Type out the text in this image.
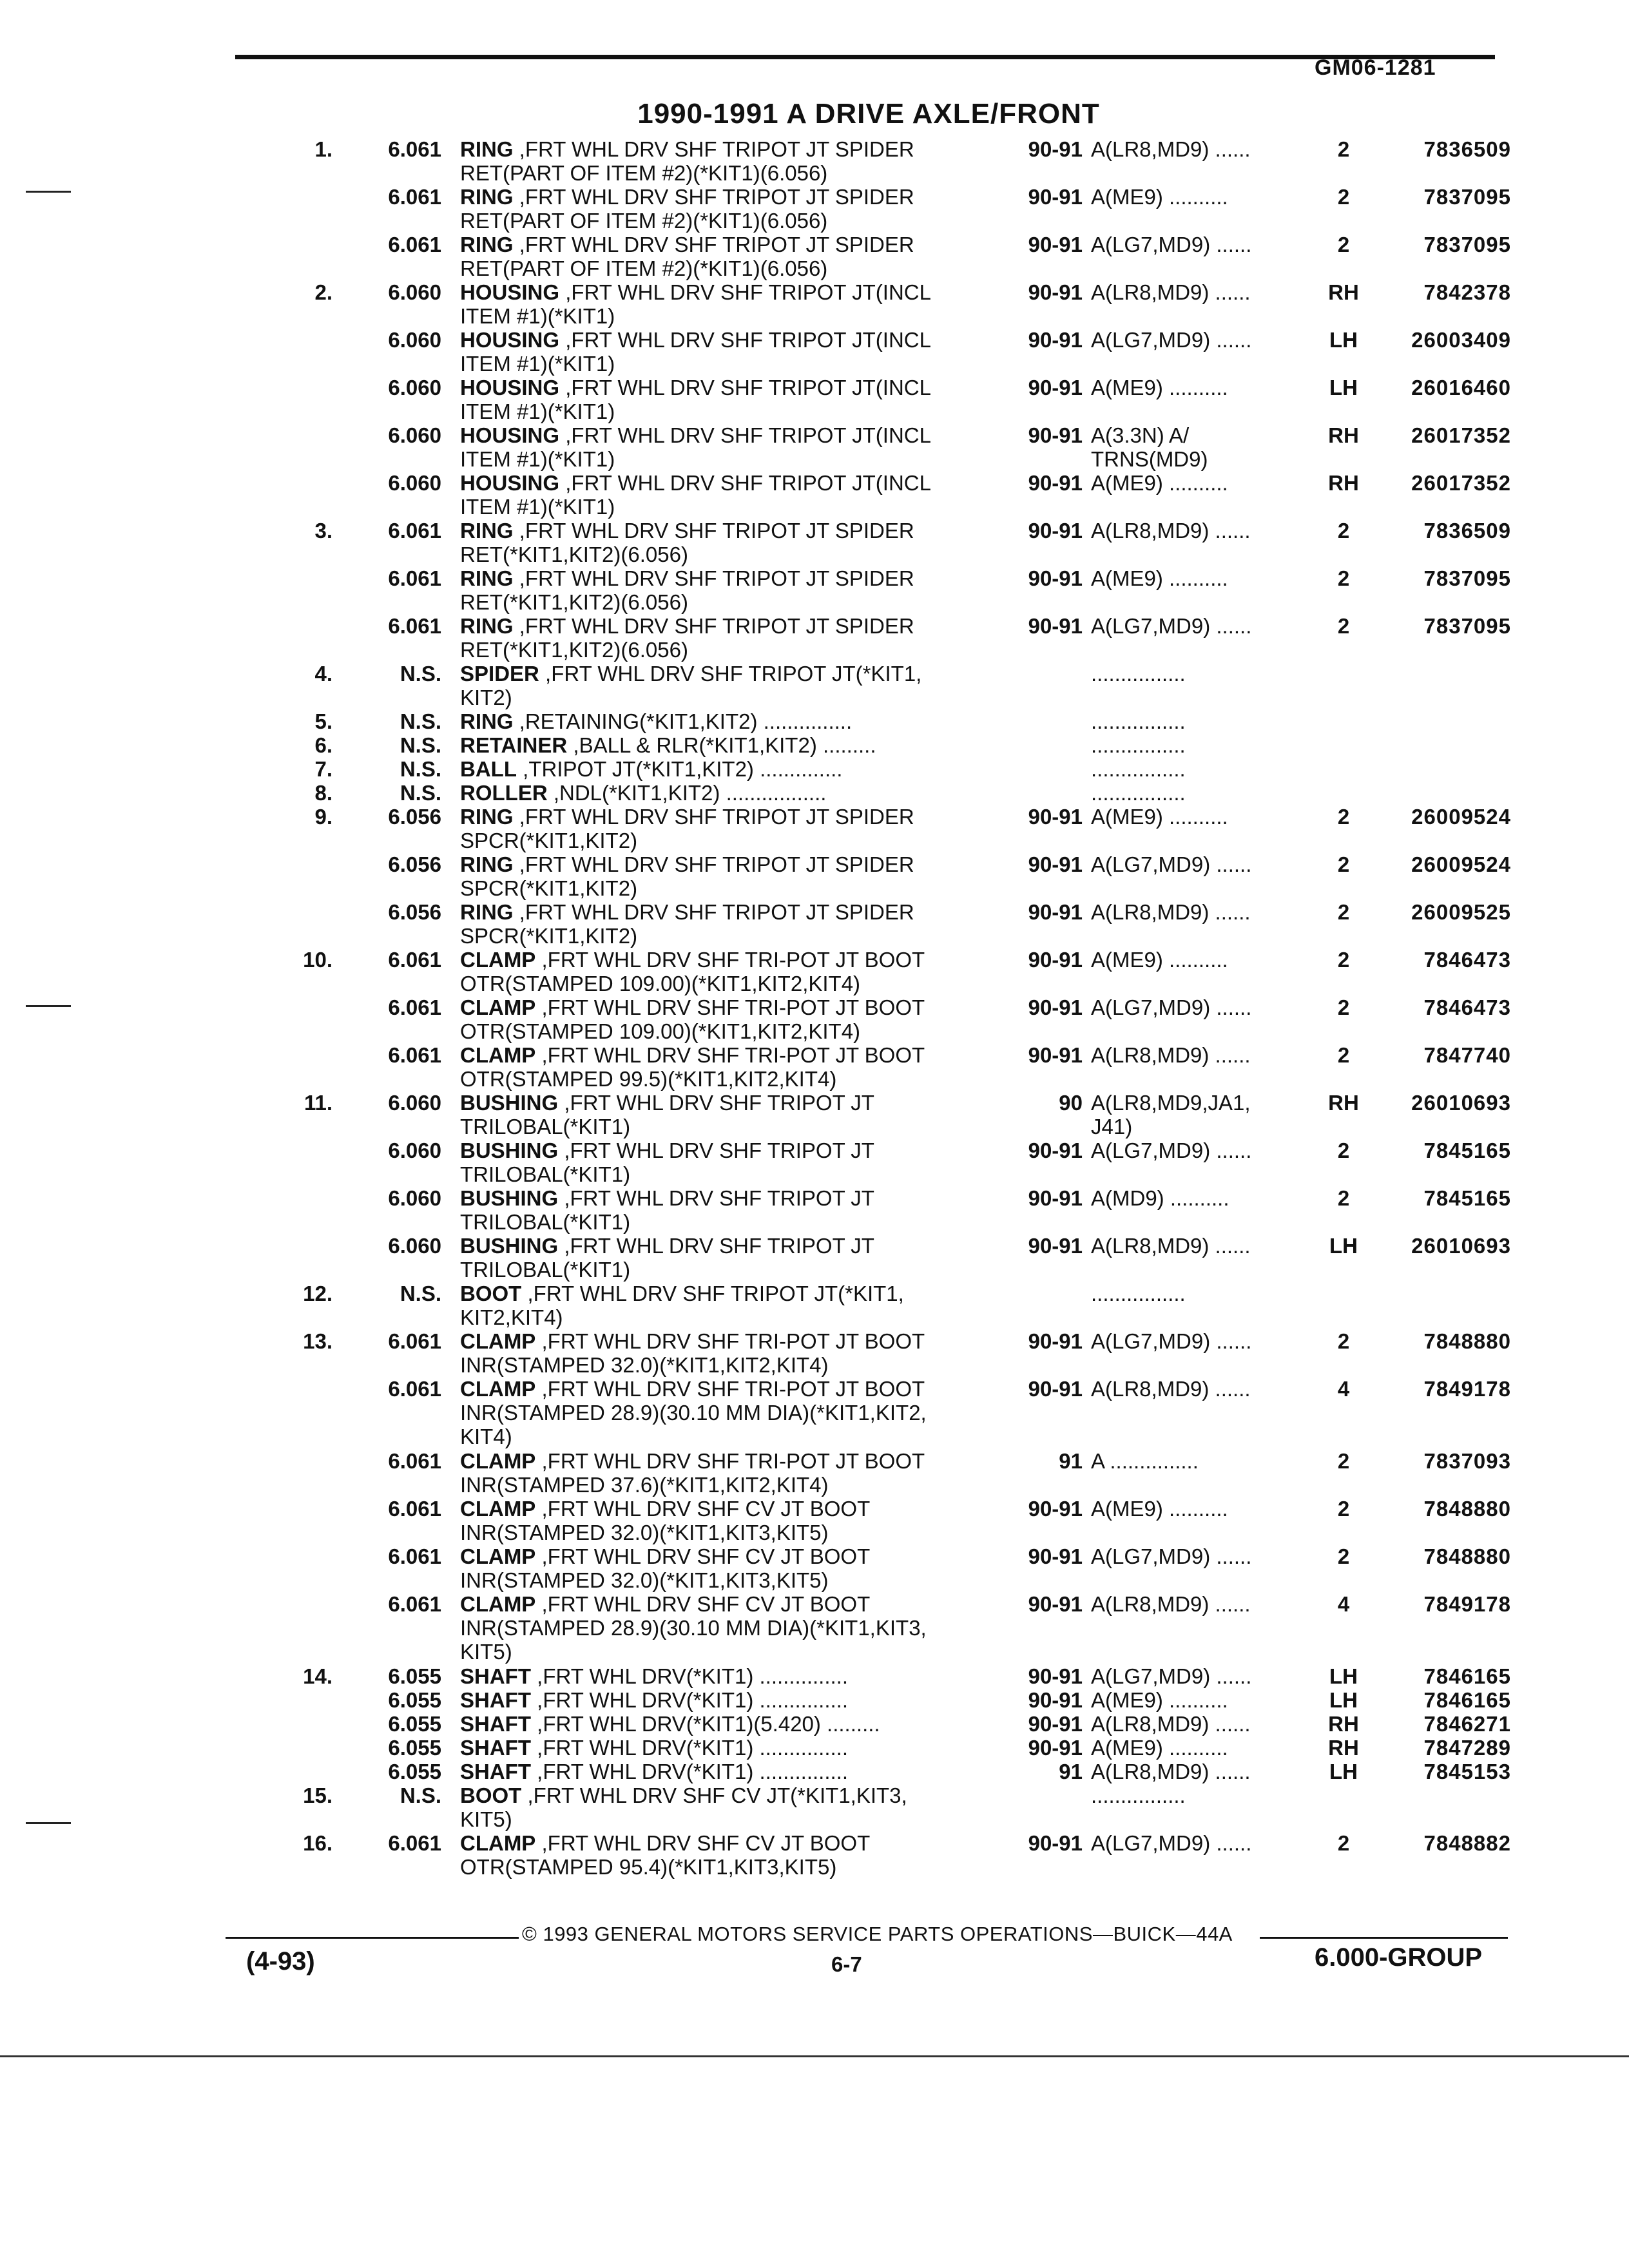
GM06-1281
1990-1991 A DRIVE AXLE/FRONT
1.	6.061 RING ,FRT WHL DRV SHF TRIPOT JT SPIDER
RET(PART OF ITEM #2)(*KIT1)(6.056)
90-91 A(LR8,MD9) ......	2	7836509
6.061 RING ,FRT WHL DRV SHF TRIPOT JT SPIDER
RET(PART OF ITEM #2)(*KIT1)(6.056)
90-91 A(ME9) ..........	2	7837095
6.061 RING ,FRT WHL DRV SHF TRIPOT JT SPIDER
RET(PART OF ITEM #2)(*KIT1)(6.056)
90-91 A(LG7,MD9) ......	2	7837095
2.	6.060 HOUSING ,FRT WHL DRV SHF TRIPOT JT(INCL
ITEM #1)(*KIT1)
90-91 A(LR8,MD9) ......	RH	7842378
6.060 HOUSING ,FRT WHL DRV SHF TRIPOT JT(INCL
ITEM #1)(*KIT1)
90-91 A(LG7,MD9) ......	LH	26003409
6.060 HOUSING ,FRT WHL DRV SHF TRIPOT JT(INCL
ITEM #1)(*KIT1)
90-91 A(ME9) ..........	LH	26016460
6.060 HOUSING ,FRT WHL DRV SHF TRIPOT JT(INCL
ITEM #1)(*KIT1)
90-91 A(3.3N) A/
TRNS(MD9)
RH	26017352
6.060 HOUSING ,FRT WHL DRV SHF TRIPOT JT(INCL
ITEM #1)(*KIT1)
90-91 A(ME9) ..........	RH	26017352
3.	6.061 RING ,FRT WHL DRV SHF TRIPOT JT SPIDER
RET(*KIT1,KIT2)(6.056)
90-91 A(LR8,MD9) ......	2	7836509
6.061 RING ,FRT WHL DRV SHF TRIPOT JT SPIDER
RET(*KIT1,KIT2)(6.056)
90-91 A(ME9) ..........	2	7837095
6.061 RING ,FRT WHL DRV SHF TRIPOT JT SPIDER
RET(*KIT1,KIT2)(6.056)
90-91 A(LG7,MD9) ......	2	7837095
4.	N.S. SPIDER ,FRT WHL DRV SHF TRIPOT JT(*KIT1,
KIT2)
................
5.	N.S. RING ,RETAINING(*KIT1,KIT2) ...............	................
6.	N.S. RETAINER ,BALL & RLR(*KIT1,KIT2) .........	................
7.	N.S. BALL ,TRIPOT JT(*KIT1,KIT2) ..............	................
8.	N.S. ROLLER ,NDL(*KIT1,KIT2) .................	................
9.	6.056 RING ,FRT WHL DRV SHF TRIPOT JT SPIDER
SPCR(*KIT1,KIT2)
90-91 A(ME9) ..........	2	26009524
6.056 RING ,FRT WHL DRV SHF TRIPOT JT SPIDER
SPCR(*KIT1,KIT2)
90-91 A(LG7,MD9) ......	2	26009524
6.056 RING ,FRT WHL DRV SHF TRIPOT JT SPIDER
SPCR(*KIT1,KIT2)
90-91 A(LR8,MD9) ......	2	26009525
10.	6.061 CLAMP ,FRT WHL DRV SHF TRI-POT JT BOOT
OTR(STAMPED 109.00)(*KIT1,KIT2,KIT4)
90-91 A(ME9) ..........	2	7846473
6.061 CLAMP ,FRT WHL DRV SHF TRI-POT JT BOOT
OTR(STAMPED 109.00)(*KIT1,KIT2,KIT4)
90-91 A(LG7,MD9) ......	2	7846473
6.061 CLAMP ,FRT WHL DRV SHF TRI-POT JT BOOT
OTR(STAMPED 99.5)(*KIT1,KIT2,KIT4)
90-91 A(LR8,MD9) ......	2	7847740
11.	6.060 BUSHING ,FRT WHL DRV SHF TRIPOT JT
TRILOBAL(*KIT1)
90 A(LR8,MD9,JA1,
J41)
RH	26010693
6.060 BUSHING ,FRT WHL DRV SHF TRIPOT JT
TRILOBAL(*KIT1)
90-91 A(LG7,MD9) ......	2	7845165
6.060 BUSHING ,FRT WHL DRV SHF TRIPOT JT
TRILOBAL(*KIT1)
90-91 A(MD9) ..........	2	7845165
6.060 BUSHING ,FRT WHL DRV SHF TRIPOT JT
TRILOBAL(*KIT1)
90-91 A(LR8,MD9) ......	LH	26010693
12.	N.S. BOOT ,FRT WHL DRV SHF TRIPOT JT(*KIT1,
KIT2,KIT4)
................
13.	6.061 CLAMP ,FRT WHL DRV SHF TRI-POT JT BOOT
INR(STAMPED 32.0)(*KIT1,KIT2,KIT4)
90-91 A(LG7,MD9) ......	2	7848880
6.061 CLAMP ,FRT WHL DRV SHF TRI-POT JT BOOT
INR(STAMPED 28.9)(30.10 MM DIA)(*KIT1,KIT2,
KIT4)
90-91 A(LR8,MD9) ......	4	7849178
6.061 CLAMP ,FRT WHL DRV SHF TRI-POT JT BOOT
INR(STAMPED 37.6)(*KIT1,KIT2,KIT4)
91 A ...............	2	7837093
6.061 CLAMP ,FRT WHL DRV SHF CV JT BOOT
INR(STAMPED 32.0)(*KIT1,KIT3,KIT5)
90-91 A(ME9) ..........	2	7848880
6.061 CLAMP ,FRT WHL DRV SHF CV JT BOOT
INR(STAMPED 32.0)(*KIT1,KIT3,KIT5)
90-91 A(LG7,MD9) ......	2	7848880
6.061 CLAMP ,FRT WHL DRV SHF CV JT BOOT
INR(STAMPED 28.9)(30.10 MM DIA)(*KIT1,KIT3,
KIT5)
90-91 A(LR8,MD9) ......	4	7849178
14.	6.055 SHAFT ,FRT WHL DRV(*KIT1) ...............	90-91 A(LG7,MD9) ......	LH	7846165
6.055 SHAFT ,FRT WHL DRV(*KIT1) ...............	90-91 A(ME9) ..........	LH	7846165
6.055 SHAFT ,FRT WHL DRV(*KIT1)(5.420) .........	90-91 A(LR8,MD9) ......	RH	7846271
6.055 SHAFT ,FRT WHL DRV(*KIT1) ...............	90-91 A(ME9) ..........	RH	7847289
6.055 SHAFT ,FRT WHL DRV(*KIT1) ...............	91 A(LR8,MD9) ......	LH	7845153
15.	N.S. BOOT ,FRT WHL DRV SHF CV JT(*KIT1,KIT3,
KIT5)
................
16.	6.061 CLAMP ,FRT WHL DRV SHF CV JT BOOT
OTR(STAMPED 95.4)(*KIT1,KIT3,KIT5)
90-91 A(LG7,MD9) ......	2	7848882
© 1993 GENERAL MOTORS SERVICE PARTS OPERATIONS—BUICK—44A
(4-93)	6-7	6.000-GROUP
